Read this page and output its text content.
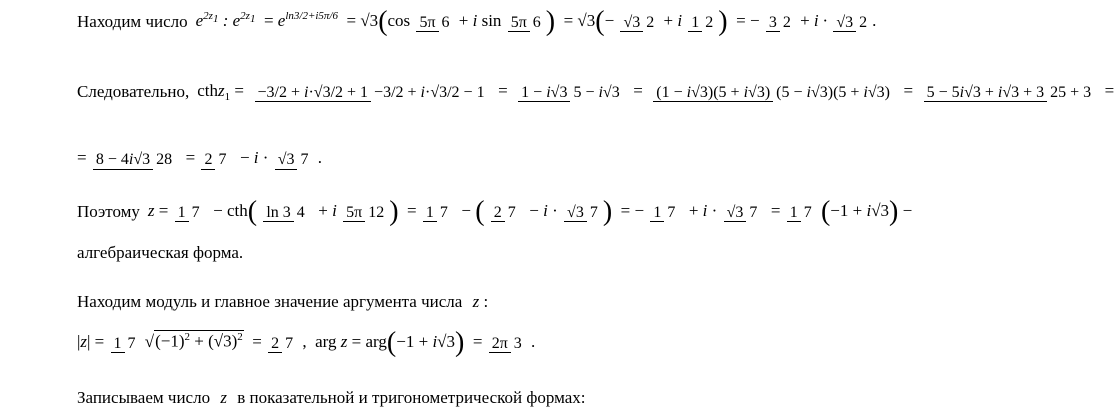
Находим число e2z1 : e2z1  = eln3/2+i5π/6  = √3(cos 5π 6 + i sin 5π 6 )  = √3(− √3 2 + i 1 2 )  = − 3 2 + i · √3 2 .
Следовательно, cthz1 =  −3/2 + i·√3/2 + 1 −3/2 + i·√3/2 − 1  =  1 − i√3 5 − i√3  =  (1 − i√3)(5 + i√3) (5 − i√3)(5 + i√3)  =  5 − 5i√3 + i√3 + 3 25 + 3  =
= 8 − 4i√3 28  = 2 7  − i · √3 7 .
Поэтому z = 1 7  − cth( ln 3 4  + i 5π 12 )  = 1 7  − ( 2 7  − i · √3 7 )  = − 1 7  + i · √3 7  = 1 7 (−1 + i√3) −
алгебраическая форма.
Находим модуль и главное значение аргумента числа z :
|z| = 1 7 √(−1)2 + (√3)2  = 2 7 ,  arg z = arg(−1 + i√3)  = 2π 3 .
Записываем число z в показательной и тригонометрической формах:
